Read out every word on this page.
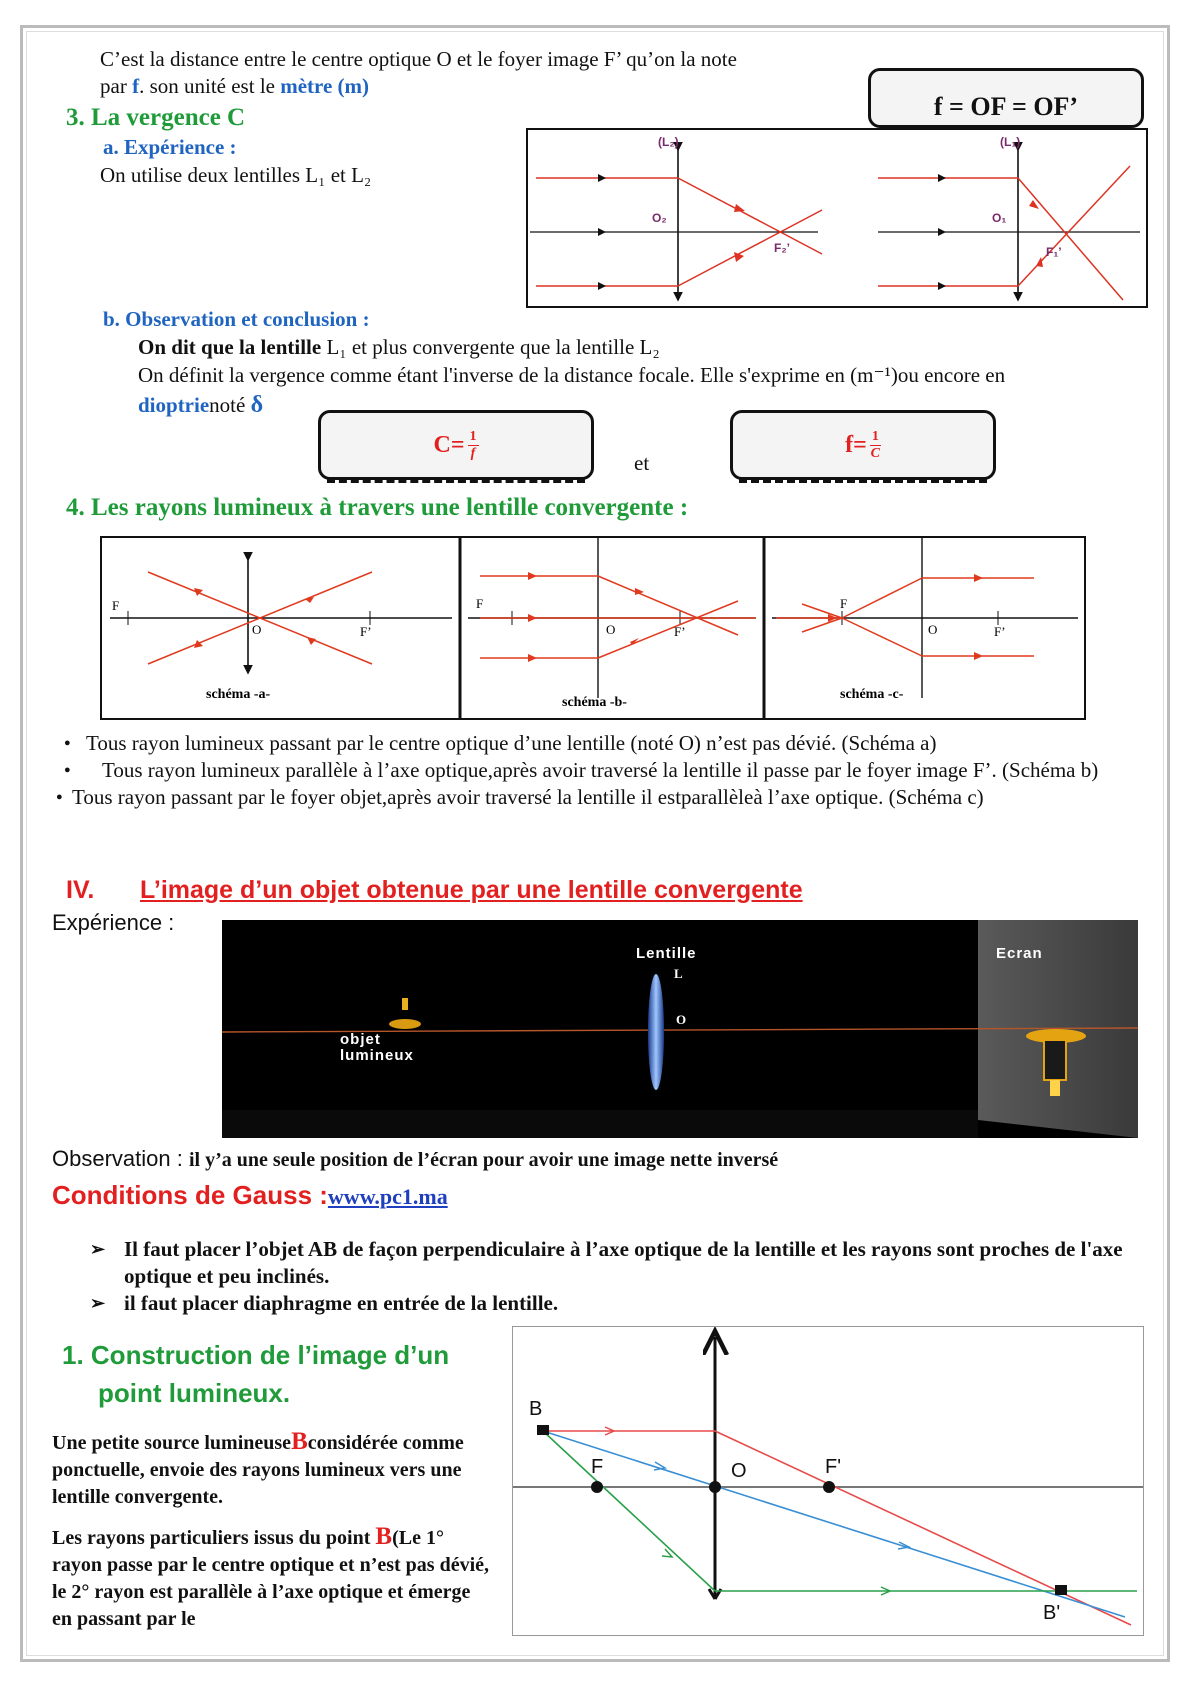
C’est la distance entre le centre optique O et le foyer image F’ qu’on la note
par f. son unité est le mètre (m)
f = OF = OF’
3. La vergence C
a. Expérience :
On utilise deux lentilles L₁ et L₂
(L₂)
O₂
F₂’
(L₁)
O₁
F₁’
b. Observation et conclusion :
On dit que la lentille L₁ et plus convergente que la lentille L₂
On définit la vergence comme étant l'inverse de la distance focale. Elle s'exprime en (m⁻¹)ou encore en
dioptrienoté δ
$C= \frac{1}{f}$
et
$f= \frac{1}{C}$
4. Les rayons lumineux à travers une lentille convergente :
F
O	F’
schéma -a-
F
O	F’
schéma -b-
F
O	F’
schéma -c-
● Tous rayon lumineux passant par le centre optique d’une lentille (noté O) n’est pas dévié. (Schéma a)
● Tous rayon lumineux parallèle à l’axe optique,après avoir traversé la lentille il passe par le foyer image F’. (Schéma b)
● Tous rayon passant par le foyer objet,après avoir traversé la lentille il estparallèleà l’axe optique. (Schéma c)
IV. L’image d’un objet obtenue par une lentille convergente
Expérience :
Lentille
L
O
Ecran
objet
lumineux
Observation : il y’a une seule position de l’écran pour avoir une image nette inversé
Conditions de Gauss :www.pc1.ma
➢ Il faut placer l’objet AB de façon perpendiculaire à l’axe optique de la lentille et les rayons sont proches de l'axe optique et peu inclinés.
➢ il faut placer diaphragme en entrée de la lentille.
1. Construction de l’image d’un
point lumineux.
Une petite source lumineuseBconsidérée comme ponctuelle, envoie des rayons lumineux vers une lentille convergente.
Les rayons particuliers issus du point B(Le 1° rayon passe par le centre optique et n’est pas dévié, le 2° rayon est parallèle à l’axe optique et émerge en passant par le
B
F	O	F'
B'
